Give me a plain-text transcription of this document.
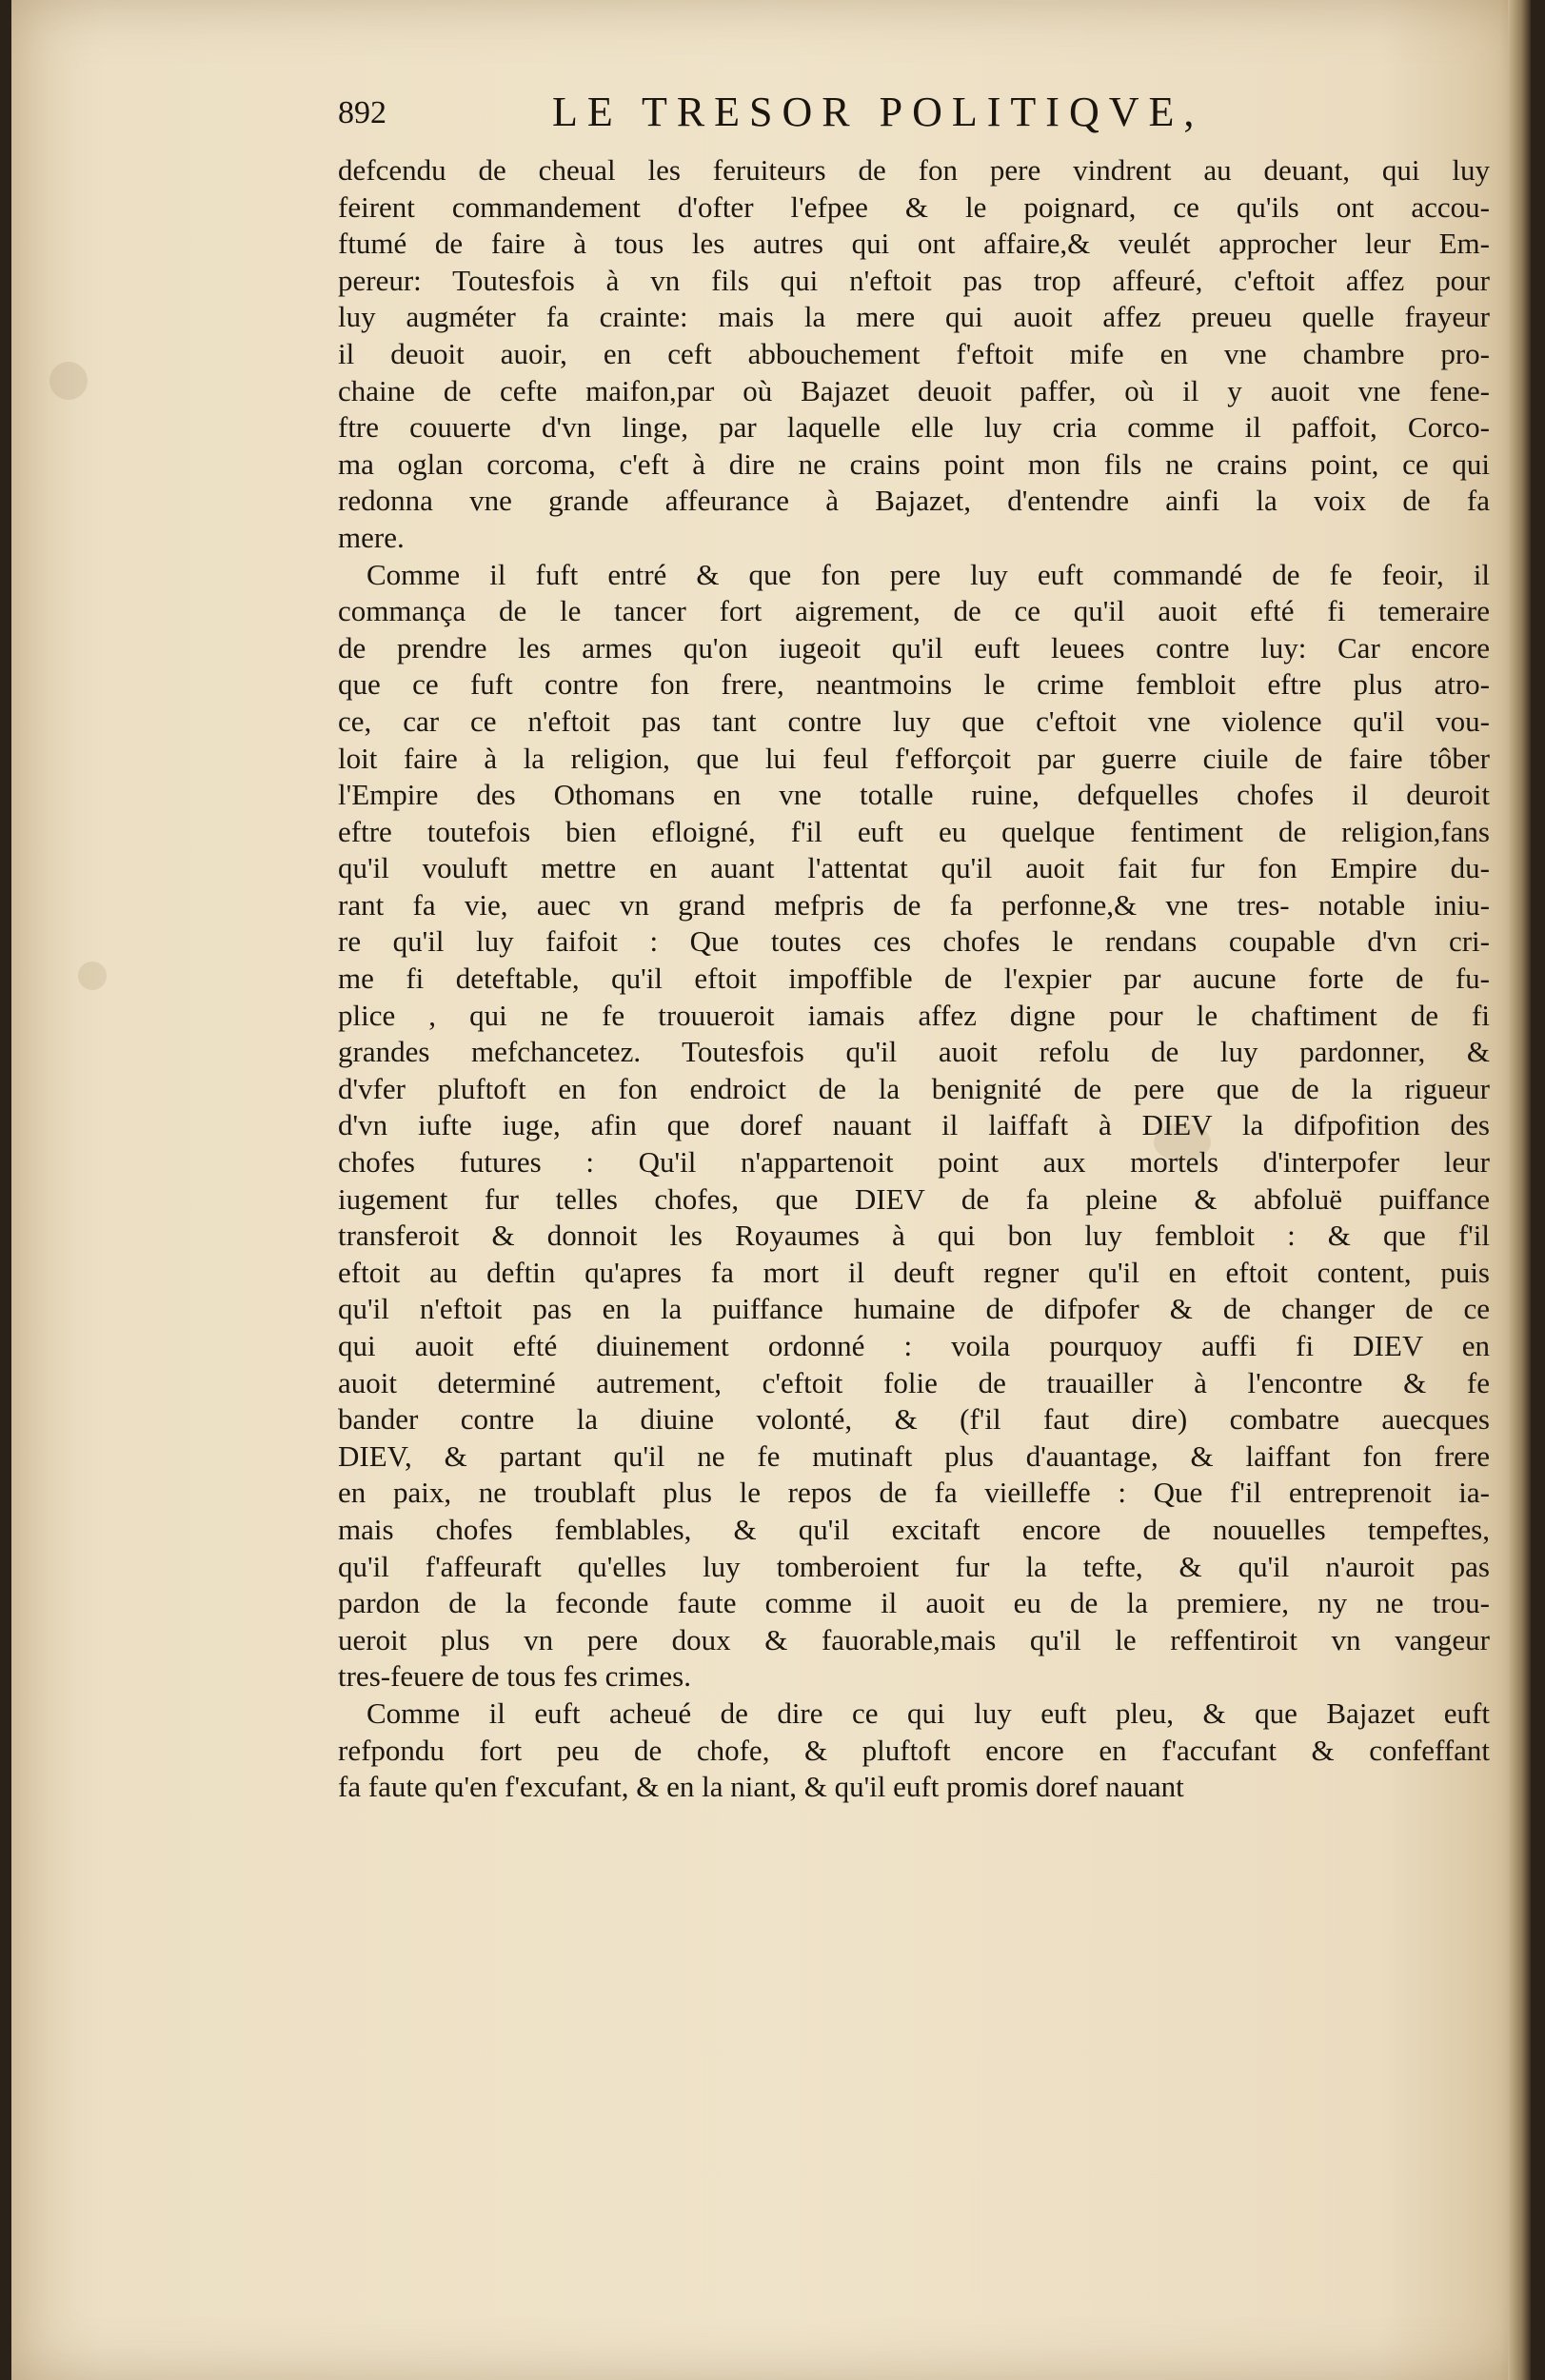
892	LE TRESOR POLITIQVE,
defcendu de cheual les feruiteurs de fon pere vindrent au deuant, qui luy
feirent commandement d'ofter l'efpee & le poignard, ce qu'ils ont accou-
ftumé de faire à tous les autres qui ont affaire,& veulét approcher leur Em-
pereur: Toutesfois à vn fils qui n'eftoit pas trop affeuré, c'eftoit affez pour
luy augméter fa crainte: mais la mere qui auoit affez preueu quelle frayeur
il deuoit auoir, en ceft abbouchement f'eftoit mife en vne chambre pro-
chaine de cefte maifon,par où Bajazet deuoit paffer, où il y auoit vne fene-
ftre couuerte d'vn linge, par laquelle elle luy cria comme il paffoit, Corco-
ma oglan corcoma, c'eft à dire ne crains point mon fils ne crains point, ce qui
redonna vne grande affeurance à Bajazet, d'entendre ainfi la voix de fa
mere.
Comme il fuft entré & que fon pere luy euft commandé de fe feoir, il
commança de le tancer fort aigrement, de ce qu'il auoit efté fi temeraire
de prendre les armes qu'on iugeoit qu'il euft leuees contre luy: Car encore
que ce fuft contre fon frere, neantmoins le crime fembloit eftre plus atro-
ce, car ce n'eftoit pas tant contre luy que c'eftoit vne violence qu'il vou-
loit faire à la religion, que lui feul f'efforçoit par guerre ciuile de faire tôber
l'Empire des Othomans en vne totalle ruine, defquelles chofes il deuroit
eftre toutefois bien efloigné, f'il euft eu quelque fentiment de religion,fans
qu'il vouluft mettre en auant l'attentat qu'il auoit fait fur fon Empire du-
rant fa vie, auec vn grand mefpris de fa perfonne,& vne tres- notable iniu-
re qu'il luy faifoit : Que toutes ces chofes le rendans coupable d'vn cri-
me fi deteftable, qu'il eftoit impoffible de l'expier par aucune forte de fu-
plice , qui ne fe trouueroit iamais affez digne pour le chaftiment de fi
grandes mefchancetez. Toutesfois qu'il auoit refolu de luy pardonner, &
d'vfer pluftoft en fon endroict de la benignité de pere que de la rigueur
d'vn iufte iuge, afin que doref nauant il laiffaft à DIEV la difpofition des
chofes futures : Qu'il n'appartenoit point aux mortels d'interpofer leur
iugement fur telles chofes, que DIEV de fa pleine & abfoluë puiffance
transferoit & donnoit les Royaumes à qui bon luy fembloit : & que f'il
eftoit au deftin qu'apres fa mort il deuft regner qu'il en eftoit content, puis
qu'il n'eftoit pas en la puiffance humaine de difpofer & de changer de ce
qui auoit efté diuinement ordonné : voila pourquoy auffi fi DIEV en
auoit determiné autrement, c'eftoit folie de trauailler à l'encontre & fe
bander contre la diuine volonté, & (f'il faut dire) combatre auecques
DIEV, & partant qu'il ne fe mutinaft plus d'auantage, & laiffant fon frere
en paix, ne troublaft plus le repos de fa vieilleffe : Que f'il entreprenoit ia-
mais chofes femblables, & qu'il excitaft encore de nouuelles tempeftes,
qu'il f'affeuraft qu'elles luy tomberoient fur la tefte, & qu'il n'auroit pas
pardon de la feconde faute comme il auoit eu de la premiere, ny ne trou-
ueroit plus vn pere doux & fauorable,mais qu'il le reffentiroit vn vangeur
tres-feuere de tous fes crimes.
Comme il euft acheué de dire ce qui luy euft pleu, & que Bajazet euft
refpondu fort peu de chofe, & pluftoft encore en f'accufant & confeffant
fa faute qu'en f'excufant, & en la niant, & qu'il euft promis doref nauant
